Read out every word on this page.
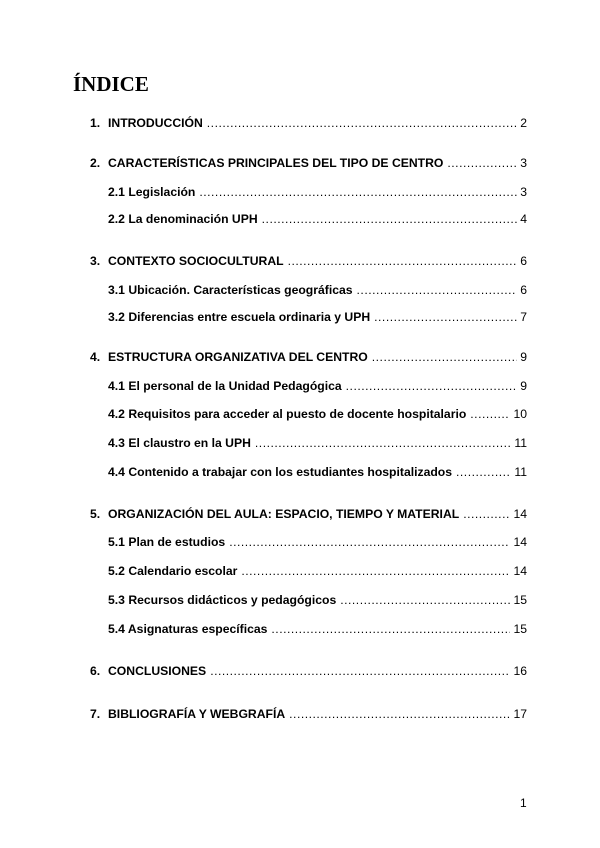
ÍNDICE
1. INTRODUCCIÓN .....	2
2. CARACTERÍSTICAS PRINCIPALES DEL TIPO DE CENTRO .....	3
2.1 Legislación .....	3
2.2 La denominación UPH .....	4
3. CONTEXTO SOCIOCULTURAL .....	6
3.1 Ubicación. Características geográficas .....	6
3.2 Diferencias entre escuela ordinaria y UPH .....	7
4. ESTRUCTURA ORGANIZATIVA DEL CENTRO .....	9
4.1 El personal de la Unidad Pedagógica .....	9
4.2 Requisitos para acceder al puesto de docente hospitalario .....	10
4.3 El claustro en la UPH .....	11
4.4 Contenido a trabajar con los estudiantes hospitalizados .....	11
5. ORGANIZACIÓN DEL AULA: ESPACIO, TIEMPO Y MATERIAL .....	14
5.1 Plan de estudios .....	14
5.2 Calendario escolar .....	14
5.3 Recursos didácticos y pedagógicos .....	15
5.4 Asignaturas específicas .....	15
6. CONCLUSIONES .....	16
7. BIBLIOGRAFÍA Y WEBGRAFÍA .....	17
1
